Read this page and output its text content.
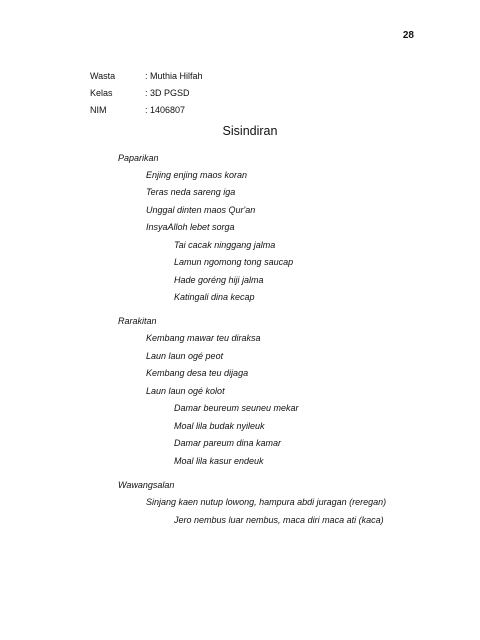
28
Wasta	: Muthia Hilfah
Kelas	: 3D PGSD
NIM	: 1406807
Sisindiran
Paparikan
Enjing enjing maos koran
Teras neda sareng iga
Unggal dinten maos Qur'an
InsyaAlloh lebet sorga
Tai cacak ninggang jalma
Lamun ngomong tong saucap
Hade goréng hiji jalma
Katingali dina kecap
Rarakitan
Kembang mawar teu diraksa
Laun laun ogé peot
Kembang desa teu dijaga
Laun laun ogé kolot
Damar beureum seuneu mekar
Moal lila budak nyileuk
Damar pareum dina kamar
Moal lila kasur endeuk
Wawangsalan
Sinjang kaen nutup lowong, hampura abdi juragan (reregan)
Jero nembus luar nembus, maca diri maca ati (kaca)
